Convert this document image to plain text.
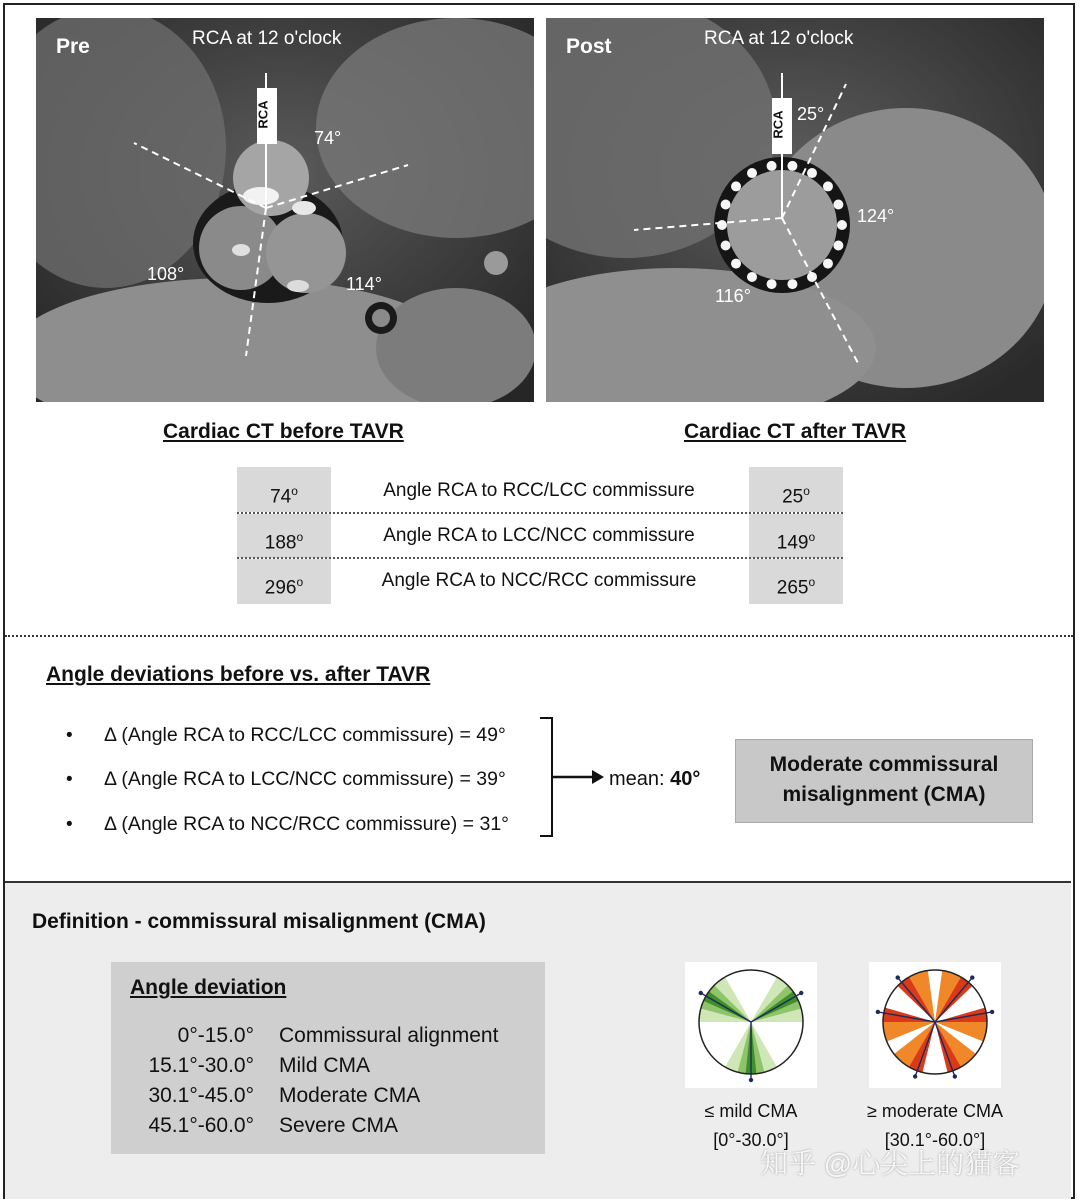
Pre	RCA at 12 o'clock
RCA
74°
108°	114°
Post	RCA at 12 o'clock
RCA 25°
124°
116°
Cardiac CT before TAVR	Cardiac CT after TAVR
74$^o$	Angle RCA to RCC/LCC commissure	25$^o$
188$^o$	Angle RCA to LCC/NCC commissure	149$^o$
296$^o$	Angle RCA to NCC/RCC commissure	265$^o$
Angle deviations before vs. after TAVR
• Δ (Angle RCA to RCC/LCC commissure) = 49°
• Δ (Angle RCA to LCC/NCC commissure) = 39°
• Δ (Angle RCA to NCC/RCC commissure) = 31°
mean: 40°
Moderate commissural misalignment (CMA)
Definition - commissural misalignment (CMA)
Angle deviation
0°-15.0° Commissural alignment
15.1°-30.0° Mild CMA
30.1°-45.0° Moderate CMA
45.1°-60.0° Severe CMA
≤ mild CMA
[0°-30.0°]
≥ moderate CMA
[30.1°-60.0°]
知乎 @心尖上的猫客
